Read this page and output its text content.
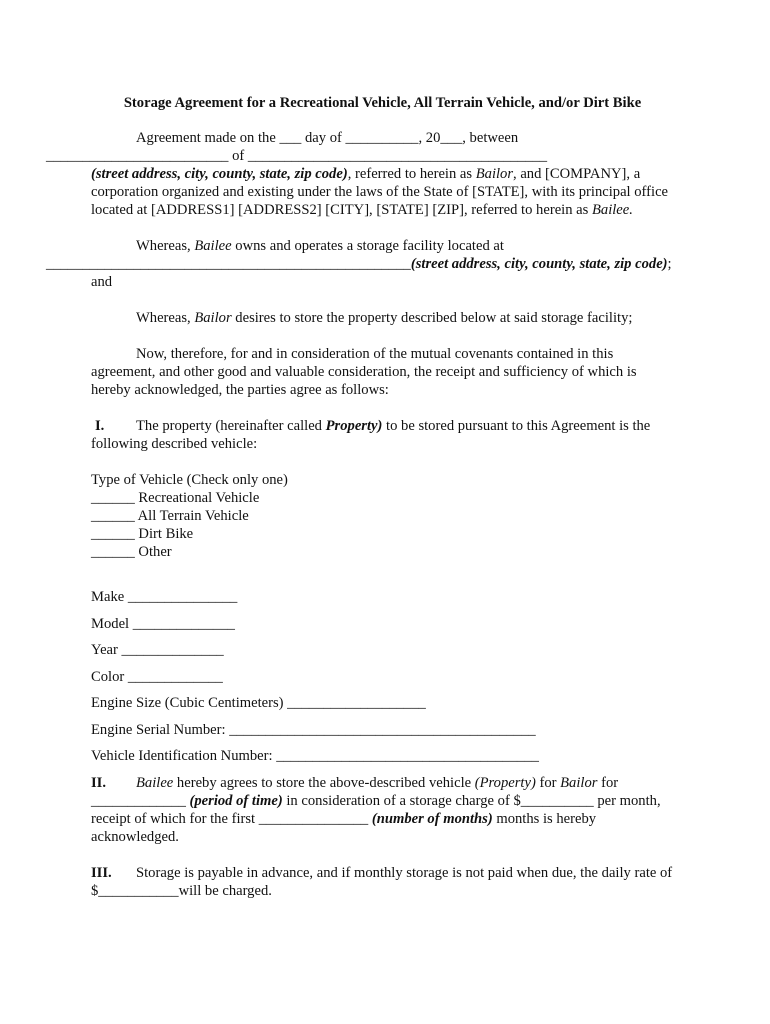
Storage Agreement for a Recreational Vehicle, All Terrain Vehicle, and/or Dirt Bike

Agreement made on the ___ day of __________, 20___, between
_________________________ of _________________________________________
(street address, city, county, state, zip code), referred to herein as Bailor, and [COMPANY], a corporation organized and existing under the laws of the State of [STATE], with its principal office located at [ADDRESS1] [ADDRESS2] [CITY], [STATE] [ZIP], referred to herein as Bailee.

Whereas, Bailee owns and operates a storage facility located at
__________________________________________________(street address, city, county, state, zip code); and

Whereas, Bailor desires to store the property described below at said storage facility;

Now, therefore, for and in consideration of the mutual covenants contained in this agreement, and other good and valuable consideration, the receipt and sufficiency of which is hereby acknowledged, the parties agree as follows:

I. The property (hereinafter called Property) to be stored pursuant to this Agreement is the following described vehicle:

Type of Vehicle (Check only one)
______ Recreational Vehicle
______ All Terrain Vehicle
______ Dirt Bike
______ Other
Make _______________
Model ______________
Year ______________
Color _____________
Engine Size (Cubic Centimeters) ___________________
Engine Serial Number: __________________________________________
Vehicle Identification Number: ____________________________________

II. Bailee hereby agrees to store the above-described vehicle (Property) for Bailor for _____________ (period of time) in consideration of a storage charge of $__________ per month, receipt of which for the first _______________ (number of months) months is hereby acknowledged.

III. Storage is payable in advance, and if monthly storage is not paid when due, the daily rate of $___________will be charged.
